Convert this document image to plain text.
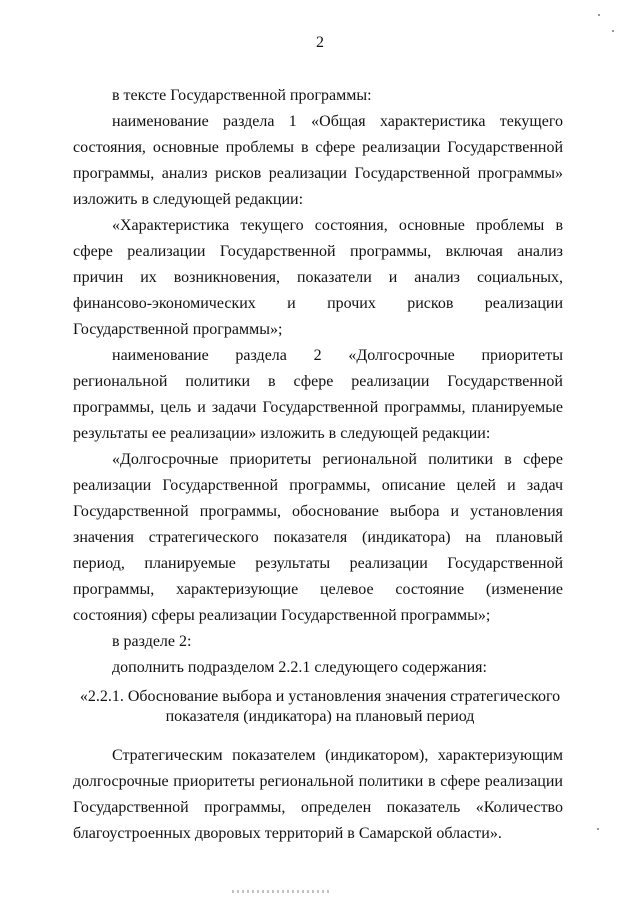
2

в тексте Государственной программы:

наименование раздела 1 «Общая характеристика текущего состояния, основные проблемы в сфере реализации Государственной программы, анализ рисков реализации Государственной программы» изложить в следующей редакции:

«Характеристика текущего состояния, основные проблемы в сфере реализации Государственной программы, включая анализ причин их возникновения, показатели и анализ социальных, финансово-экономических и прочих рисков реализации Государственной программы»;

наименование раздела 2 «Долгосрочные приоритеты региональной политики в сфере реализации Государственной программы, цель и задачи Государственной программы, планируемые результаты ее реализации» изложить в следующей редакции:

«Долгосрочные приоритеты региональной политики в сфере реализации Государственной программы, описание целей и задач Государственной программы, обоснование выбора и установления значения стратегического показателя (индикатора) на плановый период, планируемые результаты реализации Государственной программы, характеризующие целевое состояние (изменение состояния) сферы реализации Государственной программы»;

в разделе 2:

дополнить подразделом 2.2.1 следующего содержания:

«2.2.1. Обоснование выбора и установления значения стратегического показателя (индикатора) на плановый период

Стратегическим показателем (индикатором), характеризующим долгосрочные приоритеты региональной политики в сфере реализации Государственной программы, определен показатель «Количество благоустроенных дворовых территорий в Самарской области».
